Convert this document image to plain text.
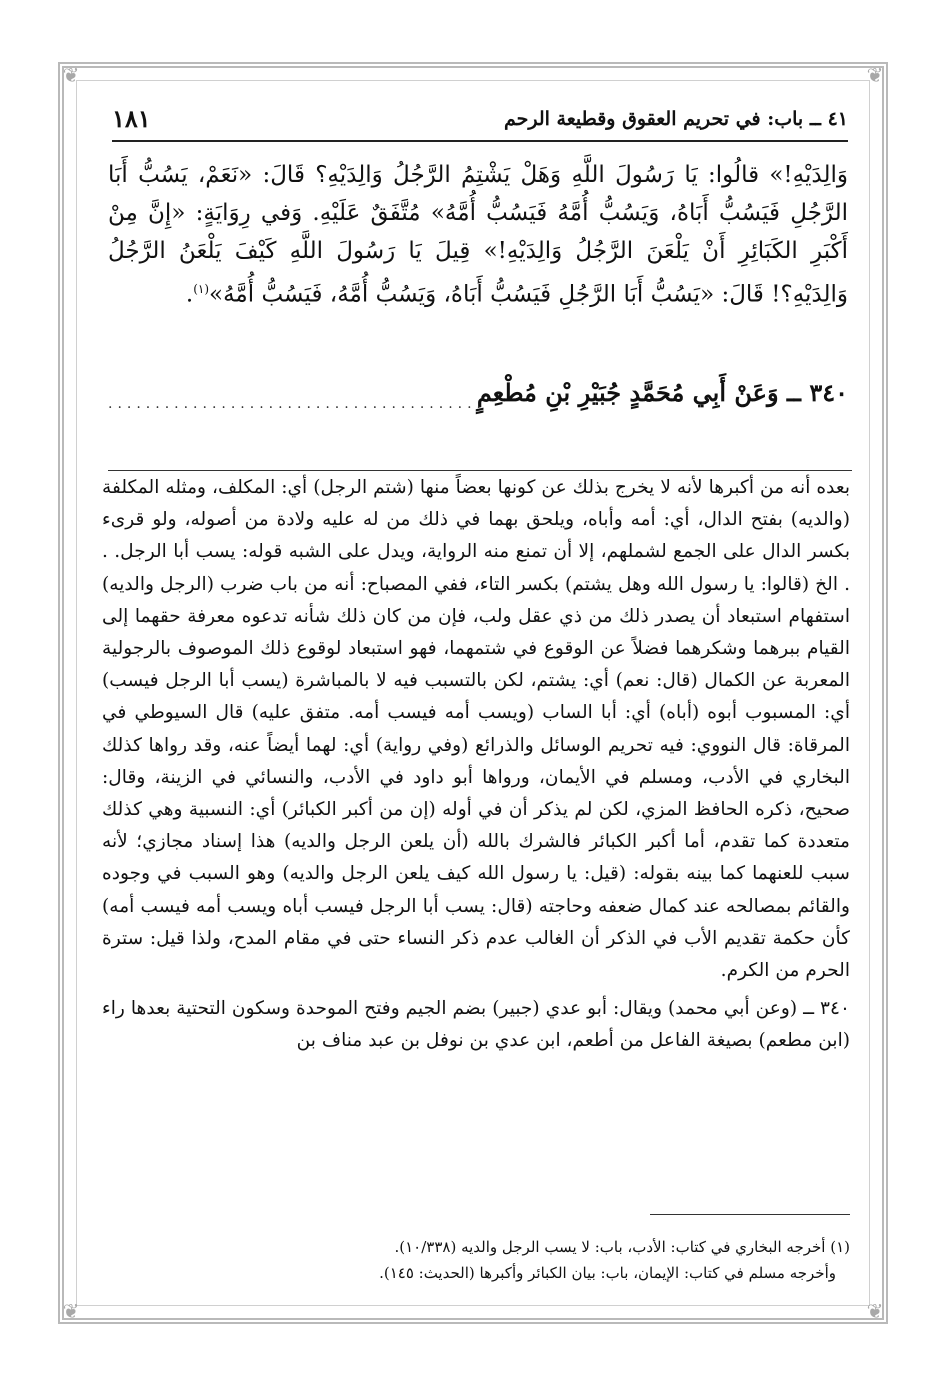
❦	❦
❦	❦
٤١ ــ باب: في تحريم العقوق وقطيعة الرحم
١٨١

وَالِدَيْهِ!» قالُوا: يَا رَسُولَ اللَّهِ وَهَلْ يَشْتِمُ الرَّجُلُ وَالِدَيْهِ؟ قَالَ: «نَعَمْ، يَسُبُّ أَبَا الرَّجُلِ فَيَسُبُّ أَبَاهُ، وَيَسُبُّ أُمَّهُ فَيَسُبُّ أُمَّهُ» مُتَّفَقٌ عَلَيْهِ. وَفي رِوَايَةٍ: «إِنَّ مِنْ أَكْبَرِ الكَبَائِرِ أَنْ يَلْعَنَ الرَّجُلُ وَالِدَيْهِ!» قِيلَ يَا رَسُولَ اللَّهِ كَيْفَ يَلْعَنُ الرَّجُلُ وَالِدَيْهِ؟! قَالَ: «يَسُبُّ أَبَا الرَّجُلِ فَيَسُبُّ أَبَاهُ، وَيَسُبُّ أُمَّهُ، فَيَسُبُّ أُمَّهُ»$^{(١)}$.

٣٤٠ ــ وَعَنْ أَبِي مُحَمَّدٍ جُبَيْرِ بْنِ مُطْعِمٍ
........................................

بعده أنه من أكبرها لأنه لا يخرج بذلك عن كونها بعضاً منها (شتم الرجل) أي: المكلف، ومثله المكلفة (والديه) بفتح الدال، أي: أمه وأباه، ويلحق بهما في ذلك من له عليه ولادة من أصوله، ولو قرىء بكسر الدال على الجمع لشملهم، إلا أن تمنع منه الرواية، ويدل على الشبه قوله: يسب أبا الرجل. . . الخ (قالوا: يا رسول الله وهل يشتم) بكسر التاء، ففي المصباح: أنه من باب ضرب (الرجل والديه) استفهام استبعاد أن يصدر ذلك من ذي عقل ولب، فإن من كان ذلك شأنه تدعوه معرفة حقهما إلى القيام ببرهما وشكرهما فضلاً عن الوقوع في شتمهما، فهو استبعاد لوقوع ذلك الموصوف بالرجولية المعربة عن الكمال (قال: نعم) أي: يشتم، لكن بالتسبب فيه لا بالمباشرة (يسب أبا الرجل فيسب) أي: المسبوب أبوه (أباه) أي: أبا الساب (ويسب أمه فيسب أمه. متفق عليه) قال السيوطي في المرقاة: قال النووي: فيه تحريم الوسائل والذرائع (وفي رواية) أي: لهما أيضاً عنه، وقد رواها كذلك البخاري في الأدب، ومسلم في الأيمان، ورواها أبو داود في الأدب، والنسائي في الزينة، وقال: صحيح، ذكره الحافظ المزي، لكن لم يذكر أن في أوله (إن من أكبر الكبائر) أي: النسبية وهي كذلك متعددة كما تقدم، أما أكبر الكبائر فالشرك بالله (أن يلعن الرجل والديه) هذا إسناد مجازي؛ لأنه سبب للعنهما كما بينه بقوله: (قيل: يا رسول الله كيف يلعن الرجل والديه) وهو السبب في وجوده والقائم بمصالحه عند كمال ضعفه وحاجته (قال: يسب أبا الرجل فيسب أباه ويسب أمه فيسب أمه) كأن حكمة تقديم الأب في الذكر أن الغالب عدم ذكر النساء حتى في مقام المدح، ولذا قيل: سترة الحرم من الكرم.

٣٤٠ ــ (وعن أبي محمد) ويقال: أبو عدي (جبير) بضم الجيم وفتح الموحدة وسكون التحتية بعدها راء (ابن مطعم) بصيغة الفاعل من أطعم، ابن عدي بن نوفل بن عبد مناف بن

(١) أخرجه البخاري في كتاب: الأدب، باب: لا يسب الرجل والديه (١٠/٣٣٨).

وأخرجه مسلم في كتاب: الإيمان، باب: بيان الكبائر وأكبرها (الحديث: ١٤٥).
